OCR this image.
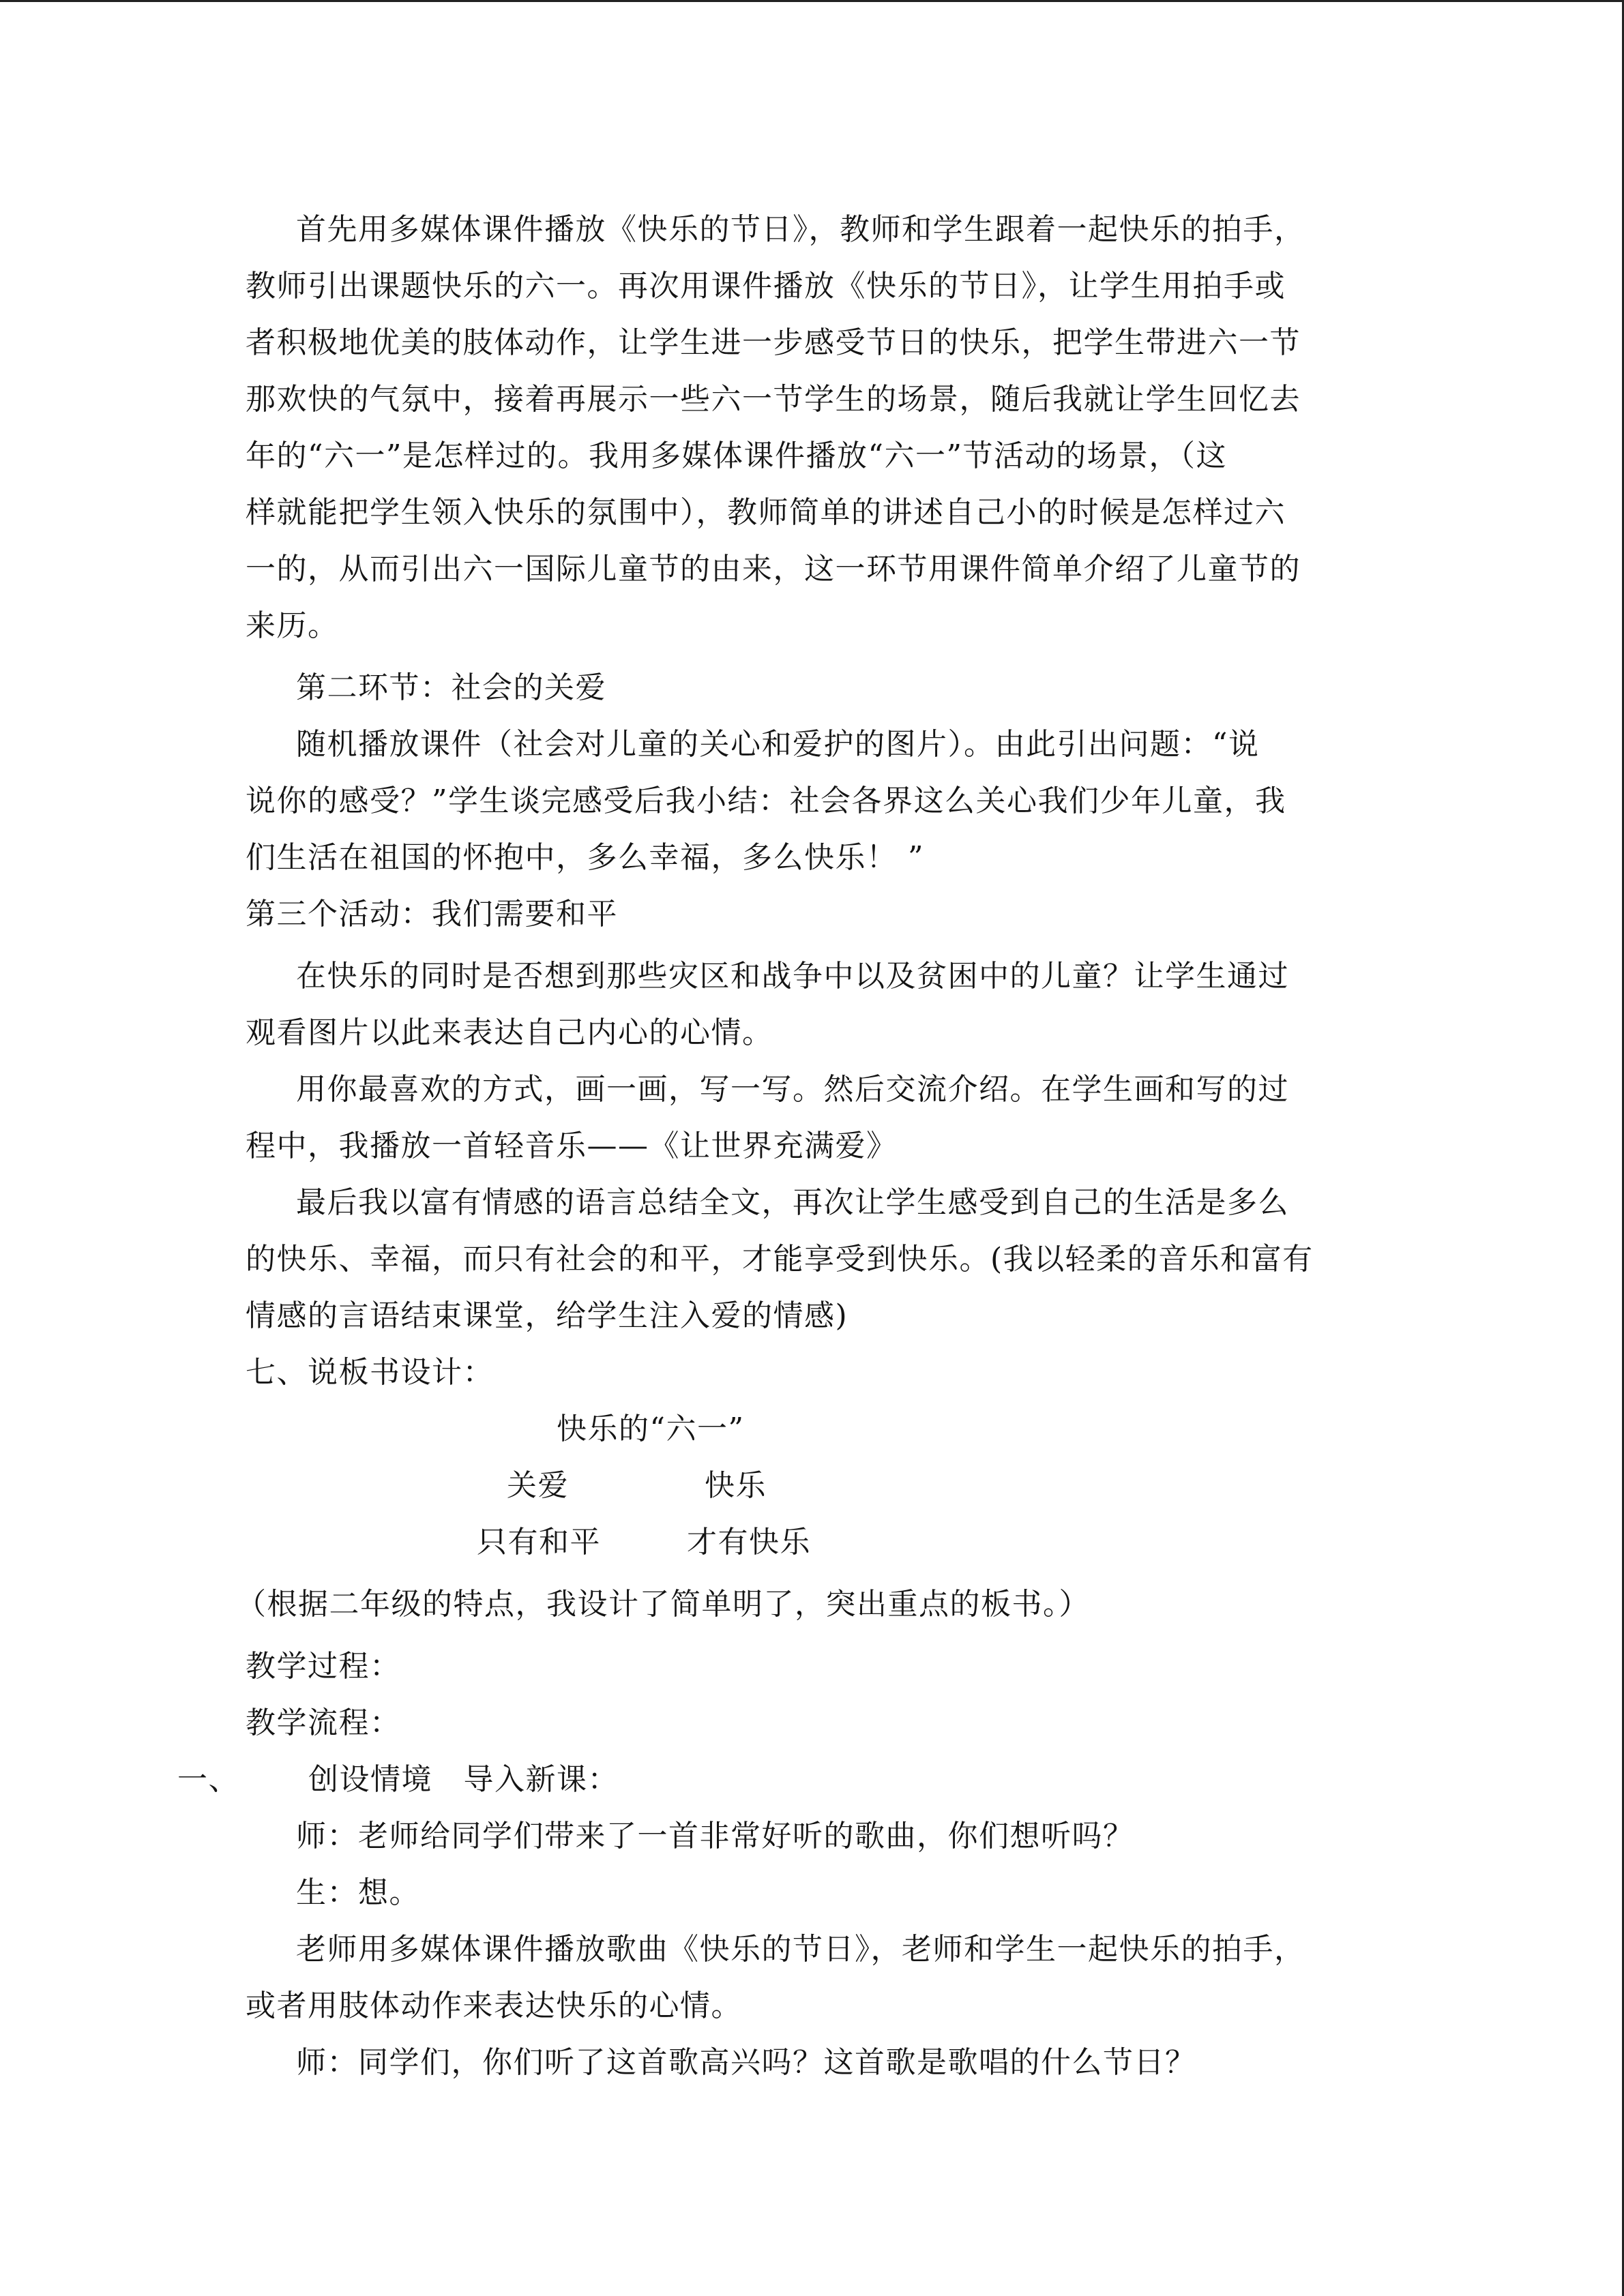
首先用多媒体课件播放《快乐的节日》，教师和学生跟着一起快乐的拍手，
教师引出课题快乐的六一。再次用课件播放《快乐的节日》，让学生用拍手或
者积极地优美的肢体动作，让学生进一步感受节日的快乐，把学生带进六一节
那欢快的气氛中，接着再展示一些六一节学生的场景，随后我就让学生回忆去
年的“六一”是怎样过的。我用多媒体课件播放“六一”节活动的场景，（这
样就能把学生领入快乐的氛围中），教师简单的讲述自己小的时候是怎样过六
一的，从而引出六一国际儿童节的由来，这一环节用课件简单介绍了儿童节的
来历。
第二环节：社会的关爱
随机播放课件（社会对儿童的关心和爱护的图片）。由此引出问题：“说
说你的感受？”学生谈完感受后我小结：社会各界这么关心我们少年儿童，我
们生活在祖国的怀抱中，多么幸福，多么快乐！ ”
第三个活动：我们需要和平
在快乐的同时是否想到那些灾区和战争中以及贫困中的儿童？让学生通过
观看图片以此来表达自己内心的心情。
用你最喜欢的方式，画一画，写一写。然后交流介绍。在学生画和写的过
程中，我播放一首轻音乐——《让世界充满爱》
最后我以富有情感的语言总结全文，再次让学生感受到自己的生活是多么
的快乐、幸福，而只有社会的和平，才能享受到快乐。(我以轻柔的音乐和富有
情感的言语结束课堂，给学生注入爱的情感)
七、说板书设计：
快乐的“六一”
关爱	快乐
只有和平	才有快乐
（根据二年级的特点，我设计了简单明了，突出重点的板书。）
教学过程：
教学流程：
一、 创设情境　导入新课：
师：老师给同学们带来了一首非常好听的歌曲，你们想听吗？
生：想。
老师用多媒体课件播放歌曲《快乐的节日》，老师和学生一起快乐的拍手，
或者用肢体动作来表达快乐的心情。
师：同学们，你们听了这首歌高兴吗？这首歌是歌唱的什么节日？
